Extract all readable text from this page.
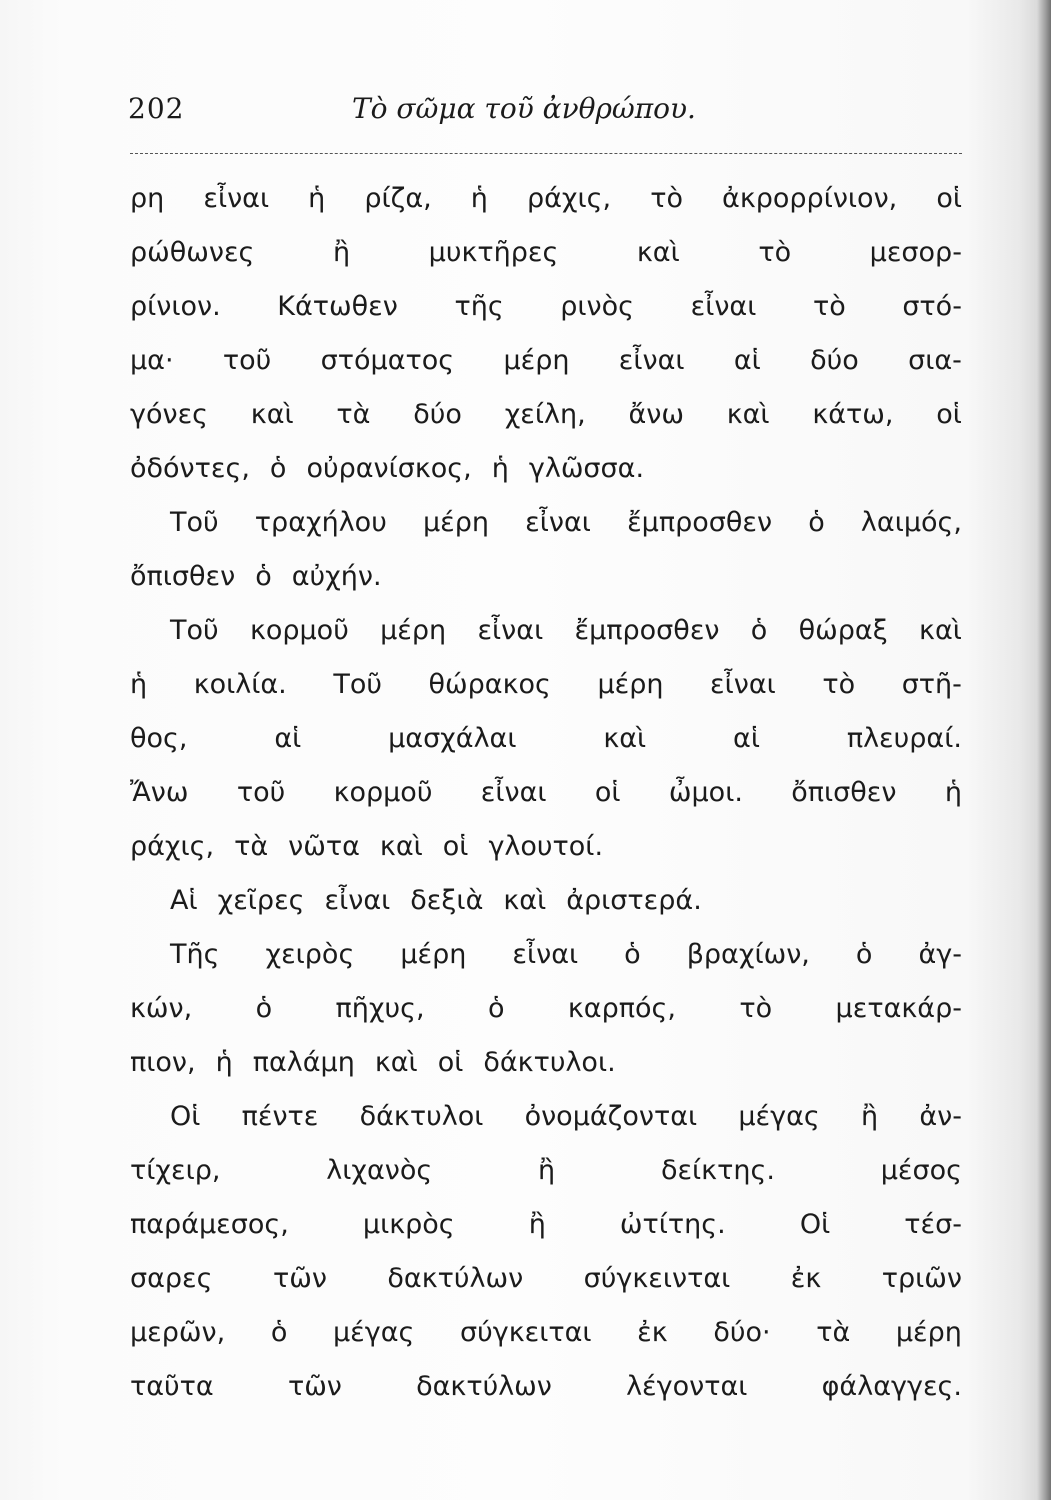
202	Τὸ σῶμα τοῦ ἀνθρώπου.
ρη εἶναι ἡ ρίζα, ἡ ράχις, τὸ ἀκρορρίνιον, οἱ
ρώθωνες	ἢ	μυκτῆρες	καὶ	τὸ	μεσορ-
ρίνιον. Κάτωθεν τῆς ρινὸς εἶναι τὸ στό-
μα· τοῦ στόματος μέρη εἶναι αἱ δύο σια-
γόνες καὶ τὰ δύο χείλη, ἄνω καὶ κάτω, οἱ
ὀδόντες, ὁ οὐρανίσκος, ἡ γλῶσσα.
Τοῦ τραχήλου μέρη εἶναι ἔμπροσθεν ὁ λαιμός,
ὄπισθεν ὁ αὐχήν.
Τοῦ κορμοῦ μέρη εἶναι ἔμπροσθεν ὁ θώραξ καὶ
ἡ κοιλία. Τοῦ θώρακος μέρη εἶναι τὸ στῆ-
θος,	αἱ	μασχάλαι	καὶ	αἱ	πλευραί.
Ἄνω τοῦ κορμοῦ εἶναι οἱ ὦμοι. ὄπισθεν ἡ
ράχις, τὰ νῶτα καὶ οἱ γλουτοί.
Αἱ χεῖρες εἶναι δεξιὰ καὶ ἀριστερά.
Τῆς χειρὸς μέρη εἶναι ὁ βραχίων, ὁ ἀγ-
κών, ὁ πῆχυς, ὁ καρπός, τὸ μετακάρ-
πιον, ἡ παλάμη καὶ οἱ δάκτυλοι.
Οἱ πέντε δάκτυλοι ὀνομάζονται μέγας ἢ ἀν-
τίχειρ,	λιχανὸς	ἢ	δείκτης.	μέσος
παράμεσος,	μικρὸς	ἢ	ὠτίτης.	Οἱ	τέσ-
σαρες τῶν δακτύλων σύγκεινται ἐκ τριῶν
μερῶν, ὁ μέγας σύγκειται ἐκ δύο· τὰ μέρη
ταῦτα	τῶν	δακτύλων	λέγονται	φάλαγγες.
